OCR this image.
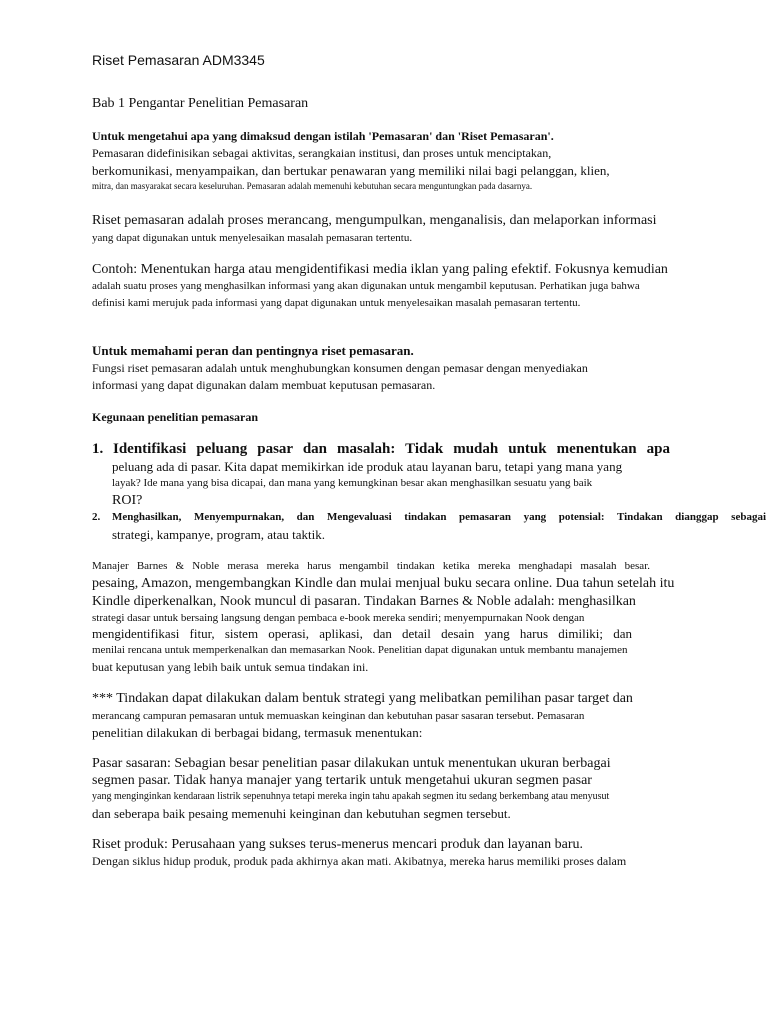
Riset Pemasaran ADM3345
Bab 1 Pengantar Penelitian Pemasaran
Untuk mengetahui apa yang dimaksud dengan istilah 'Pemasaran' dan 'Riset Pemasaran'.
Pemasaran didefinisikan sebagai aktivitas, serangkaian institusi, dan proses untuk menciptakan,
berkomunikasi, menyampaikan, dan bertukar penawaran yang memiliki nilai bagi pelanggan, klien,
mitra, dan masyarakat secara keseluruhan. Pemasaran adalah memenuhi kebutuhan secara menguntungkan pada dasarnya.
Riset pemasaran adalah proses merancang, mengumpulkan, menganalisis, dan melaporkan informasi
yang dapat digunakan untuk menyelesaikan masalah pemasaran tertentu.
Contoh: Menentukan harga atau mengidentifikasi media iklan yang paling efektif. Fokusnya kemudian
adalah suatu proses yang menghasilkan informasi yang akan digunakan untuk mengambil keputusan. Perhatikan juga bahwa
definisi kami merujuk pada informasi yang dapat digunakan untuk menyelesaikan masalah pemasaran tertentu.
Untuk memahami peran dan pentingnya riset pemasaran.
Fungsi riset pemasaran adalah untuk menghubungkan konsumen dengan pemasar dengan menyediakan
informasi yang dapat digunakan dalam membuat keputusan pemasaran.
Kegunaan penelitian pemasaran
1. Identifikasi peluang pasar dan masalah: Tidak mudah untuk menentukan apa
peluang ada di pasar. Kita dapat memikirkan ide produk atau layanan baru, tetapi yang mana yang
layak? Ide mana yang bisa dicapai, dan mana yang kemungkinan besar akan menghasilkan sesuatu yang baik
ROI?
2. Menghasilkan, Menyempurnakan, dan Mengevaluasi tindakan pemasaran yang potensial: Tindakan dianggap sebagai
strategi, kampanye, program, atau taktik.
Manajer Barnes & Noble merasa mereka harus mengambil tindakan ketika mereka menghadapi masalah besar.
pesaing, Amazon, mengembangkan Kindle dan mulai menjual buku secara online. Dua tahun setelah itu
Kindle diperkenalkan, Nook muncul di pasaran. Tindakan Barnes & Noble adalah: menghasilkan
strategi dasar untuk bersaing langsung dengan pembaca e-book mereka sendiri; menyempurnakan Nook dengan
mengidentifikasi fitur, sistem operasi, aplikasi, dan detail desain yang harus dimiliki; dan
menilai rencana untuk memperkenalkan dan memasarkan Nook. Penelitian dapat digunakan untuk membantu manajemen
buat keputusan yang lebih baik untuk semua tindakan ini.
*** Tindakan dapat dilakukan dalam bentuk strategi yang melibatkan pemilihan pasar target dan
merancang campuran pemasaran untuk memuaskan keinginan dan kebutuhan pasar sasaran tersebut. Pemasaran
penelitian dilakukan di berbagai bidang, termasuk menentukan:
Pasar sasaran: Sebagian besar penelitian pasar dilakukan untuk menentukan ukuran berbagai
segmen pasar. Tidak hanya manajer yang tertarik untuk mengetahui ukuran segmen pasar
yang menginginkan kendaraan listrik sepenuhnya tetapi mereka ingin tahu apakah segmen itu sedang berkembang atau menyusut
dan seberapa baik pesaing memenuhi keinginan dan kebutuhan segmen tersebut.
Riset produk: Perusahaan yang sukses terus-menerus mencari produk dan layanan baru.
Dengan siklus hidup produk, produk pada akhirnya akan mati. Akibatnya, mereka harus memiliki proses dalam
